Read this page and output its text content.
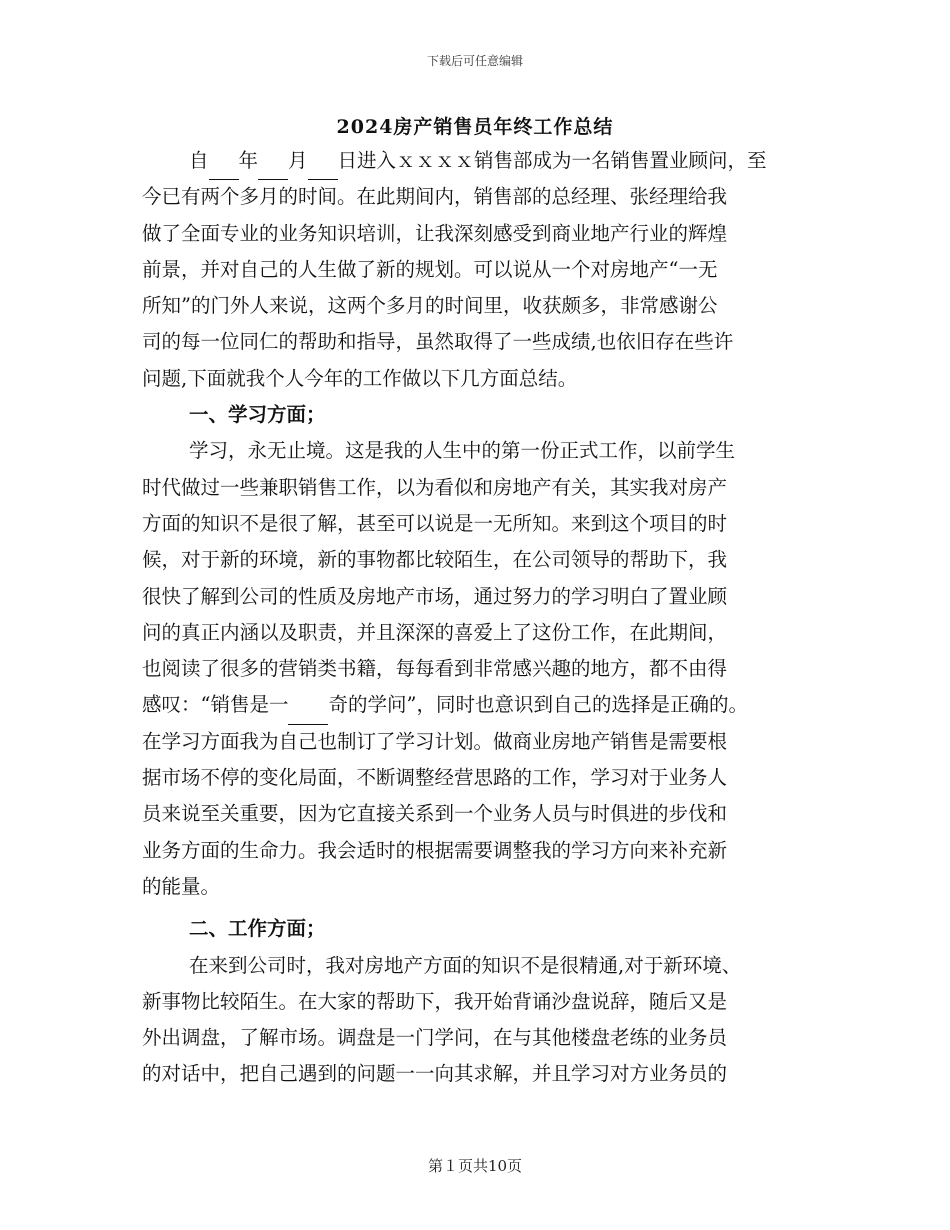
下载后可任意编辑
2024房产销售员年终工作总结
自 年 月 日进入ｘｘｘｘ销售部成为一名销售置业顾问，至
今已有两个多月的时间。在此期间内，销售部的总经理、张经理给我
做了全面专业的业务知识培训，让我深刻感受到商业地产行业的辉煌
前景，并对自己的人生做了新的规划。可以说从一个对房地产“一无
所知”的门外人来说，这两个多月的时间里，收获颇多，非常感谢公
司的每一位同仁的帮助和指导，虽然取得了一些成绩,也依旧存在些许
问题,下面就我个人今年的工作做以下几方面总结。
一、学习方面；
学习，永无止境。这是我的人生中的第一份正式工作，以前学生
时代做过一些兼职销售工作，以为看似和房地产有关，其实我对房产
方面的知识不是很了解，甚至可以说是一无所知。来到这个项目的时
候，对于新的环境，新的事物都比较陌生，在公司领导的帮助下，我
很快了解到公司的性质及房地产市场，通过努力的学习明白了置业顾
问的真正内涵以及职责，并且深深的喜爱上了这份工作，在此期间，
也阅读了很多的营销类书籍，每每看到非常感兴趣的地方，都不由得
感叹：“销售是一 奇的学问”，同时也意识到自己的选择是正确的。
在学习方面我为自己也制订了学习计划。做商业房地产销售是需要根
据市场不停的变化局面，不断调整经营思路的工作，学习对于业务人
员来说至关重要，因为它直接关系到一个业务人员与时俱进的步伐和
业务方面的生命力。我会适时的根据需要调整我的学习方向来补充新
的能量。
二、工作方面；
在来到公司时，我对房地产方面的知识不是很精通,对于新环境、
新事物比较陌生。在大家的帮助下，我开始背诵沙盘说辞，随后又是
外出调盘，了解市场。调盘是一门学问，在与其他楼盘老练的业务员
的对话中，把自己遇到的问题一一向其求解，并且学习对方业务员的
第１页共10页
